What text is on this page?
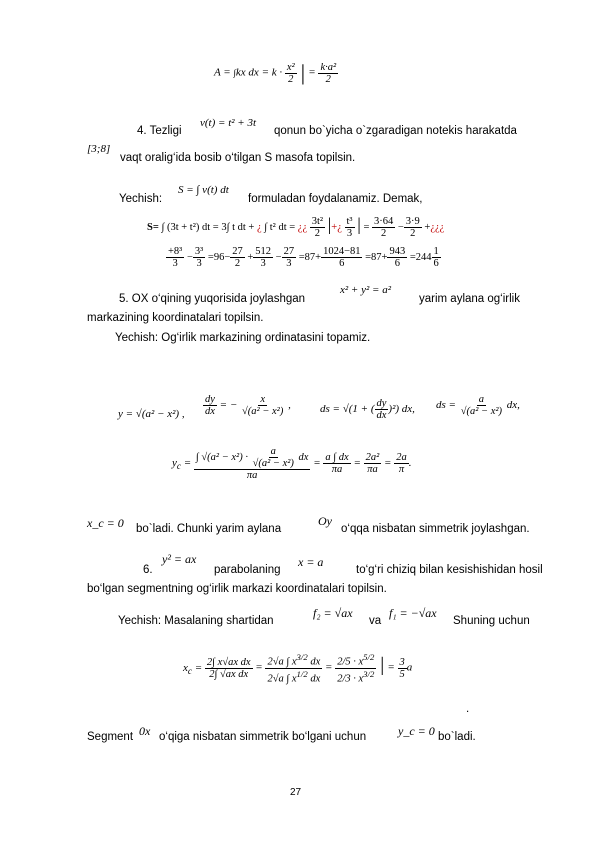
A = ∫kx dx = $k \cdot \frac{\text{x²}}{2}$ | = $\frac{\text{k·a²}}{2}$
4. Tezligi
v(t) = t² + 3t
qonun bo`yicha o`zgaradigan notekis harakatda
[3;8]
vaqt oralig‘ida bosib o‘tilgan S masofa topilsin.
Yechish:
S = ∫ v(t) dt
formuladan foydalanamiz. Demak,
S= ∫ (3t + t²) dt = 3∫ t dt + ¿ ∫ t² dt = ¿¿ $\frac{\text{3t²}}{2}$ |+¿ $\frac{\text{t³}}{3}$ | = $\frac{3\cdot 64}{2} - \frac{3\cdot 9}{2}$ +¿¿¿
$\frac{\text{+8³}}{3} - \frac{\text{3³}}{3} =96- \frac{27}{2} + \frac{512}{3} - \frac{27}{3} =87+ \frac{1024-81}{6} =87+ \frac{943}{6} =244 \frac{1}{6}$
5. OX o‘qining yuqorisida joylashgan
x² + y² = a²
yarim aylana og‘irlik
markazining koordinatalari topilsin.
Yechish: Og‘irlik markazining ordinatasini topamiz.
y = √(a² − x²) , $\frac{dy}{dx}$ = − $\frac{x}{\text{√(a² − x²)}}$ ,	ds = √(1 + ( $\frac{dy}{dx} )^2$) dx, ds = $\frac{a}{\text{√(a² − x²)}}$ dx,
$y_c = \frac{\int √(a^2 - x^2) \cdot \frac{a}{\text{√(a² − x²)}} dx}{\pi a} = \frac{a \int dx}{\pi a} = \frac{\text{2a²}}{\pi a} = \frac{2a}{\pi}$ .
x_c = 0 bo`ladi. Chunki yarim aylana
Oy
o‘qqa nisbatan simmetrik joylashgan.
6.
y² = ax
parabolaning
x = a
to‘g‘ri chiziq bilan kesishishidan hosil
bo‘lgan segmentning og‘irlik markazi koordinatalari topilsin.
Yechish: Masalaning shartidan
f₂ = √ax
va
f₁ = −√ax
Shuning uchun
$x_c = \frac{\text{2∫ x√ax dx}}{\text{2∫ √ax dx}} = \frac{2√a \int x^{3/2} dx}{2√a \int x^{1/2} dx} = \frac{2/5 \cdot x^{5/2}}{2/3 \cdot x^{3/2}}$ | = $\frac{3}{5}$ a
.
Segment 0x o‘qiga nisbatan simmetrik bo‘lgani uchun	y_c = 0 bo`ladi.
27
